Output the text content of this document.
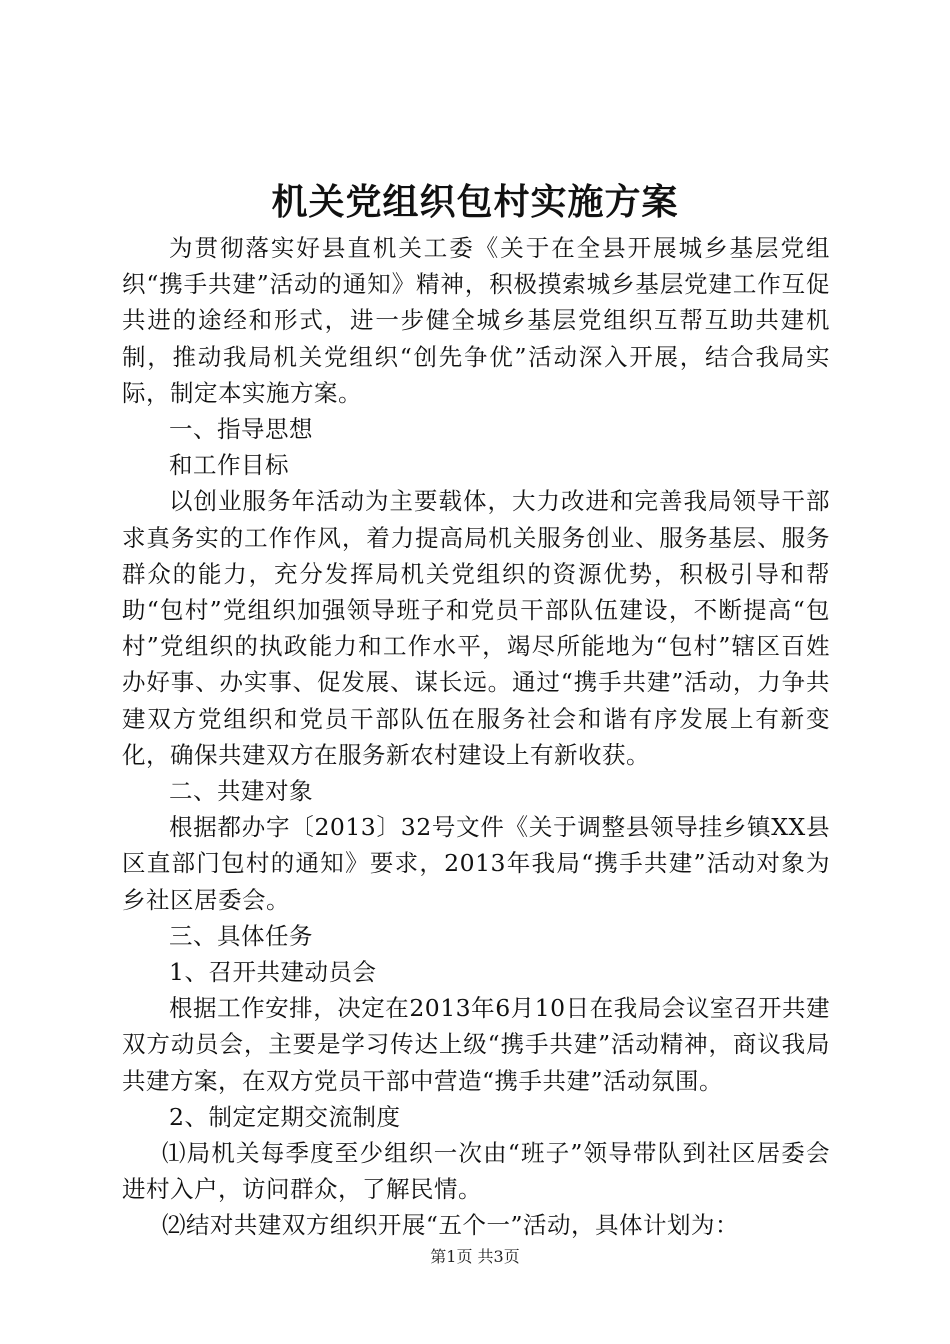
机关党组织包村实施方案

为贯彻落实好县直机关工委《关于在全县开展城乡基层党组织“携手共建”活动的通知》精神，积极摸索城乡基层党建工作互促共进的途经和形式，进一步健全城乡基层党组织互帮互助共建机制，推动我局机关党组织“创先争优”活动深入开展，结合我局实际，制定本实施方案。

一、指导思想

和工作目标

以创业服务年活动为主要载体，大力改进和完善我局领导干部求真务实的工作作风，着力提高局机关服务创业、服务基层、服务群众的能力，充分发挥局机关党组织的资源优势，积极引导和帮助“包村”党组织加强领导班子和党员干部队伍建设，不断提高“包村”党组织的执政能力和工作水平，竭尽所能地为“包村”辖区百姓办好事、办实事、促发展、谋长远。通过“携手共建”活动，力争共建双方党组织和党员干部队伍在服务社会和谐有序发展上有新变化，确保共建双方在服务新农村建设上有新收获。

二、共建对象

根据都办字〔2013〕32号文件《关于调整县领导挂乡镇XX县区直部门包村的通知》要求，2013年我局“携手共建”活动对象为乡社区居委会。

三、具体任务

1、召开共建动员会

根据工作安排，决定在2013年6月10日在我局会议室召开共建双方动员会，主要是学习传达上级“携手共建”活动精神，商议我局共建方案，在双方党员干部中营造“携手共建”活动氛围。

2、制定定期交流制度

⑴局机关每季度至少组织一次由“班子”领导带队到社区居委会进村入户，访问群众，了解民情。

⑵结对共建双方组织开展“五个一”活动，具体计划为：

第1页 共3页
